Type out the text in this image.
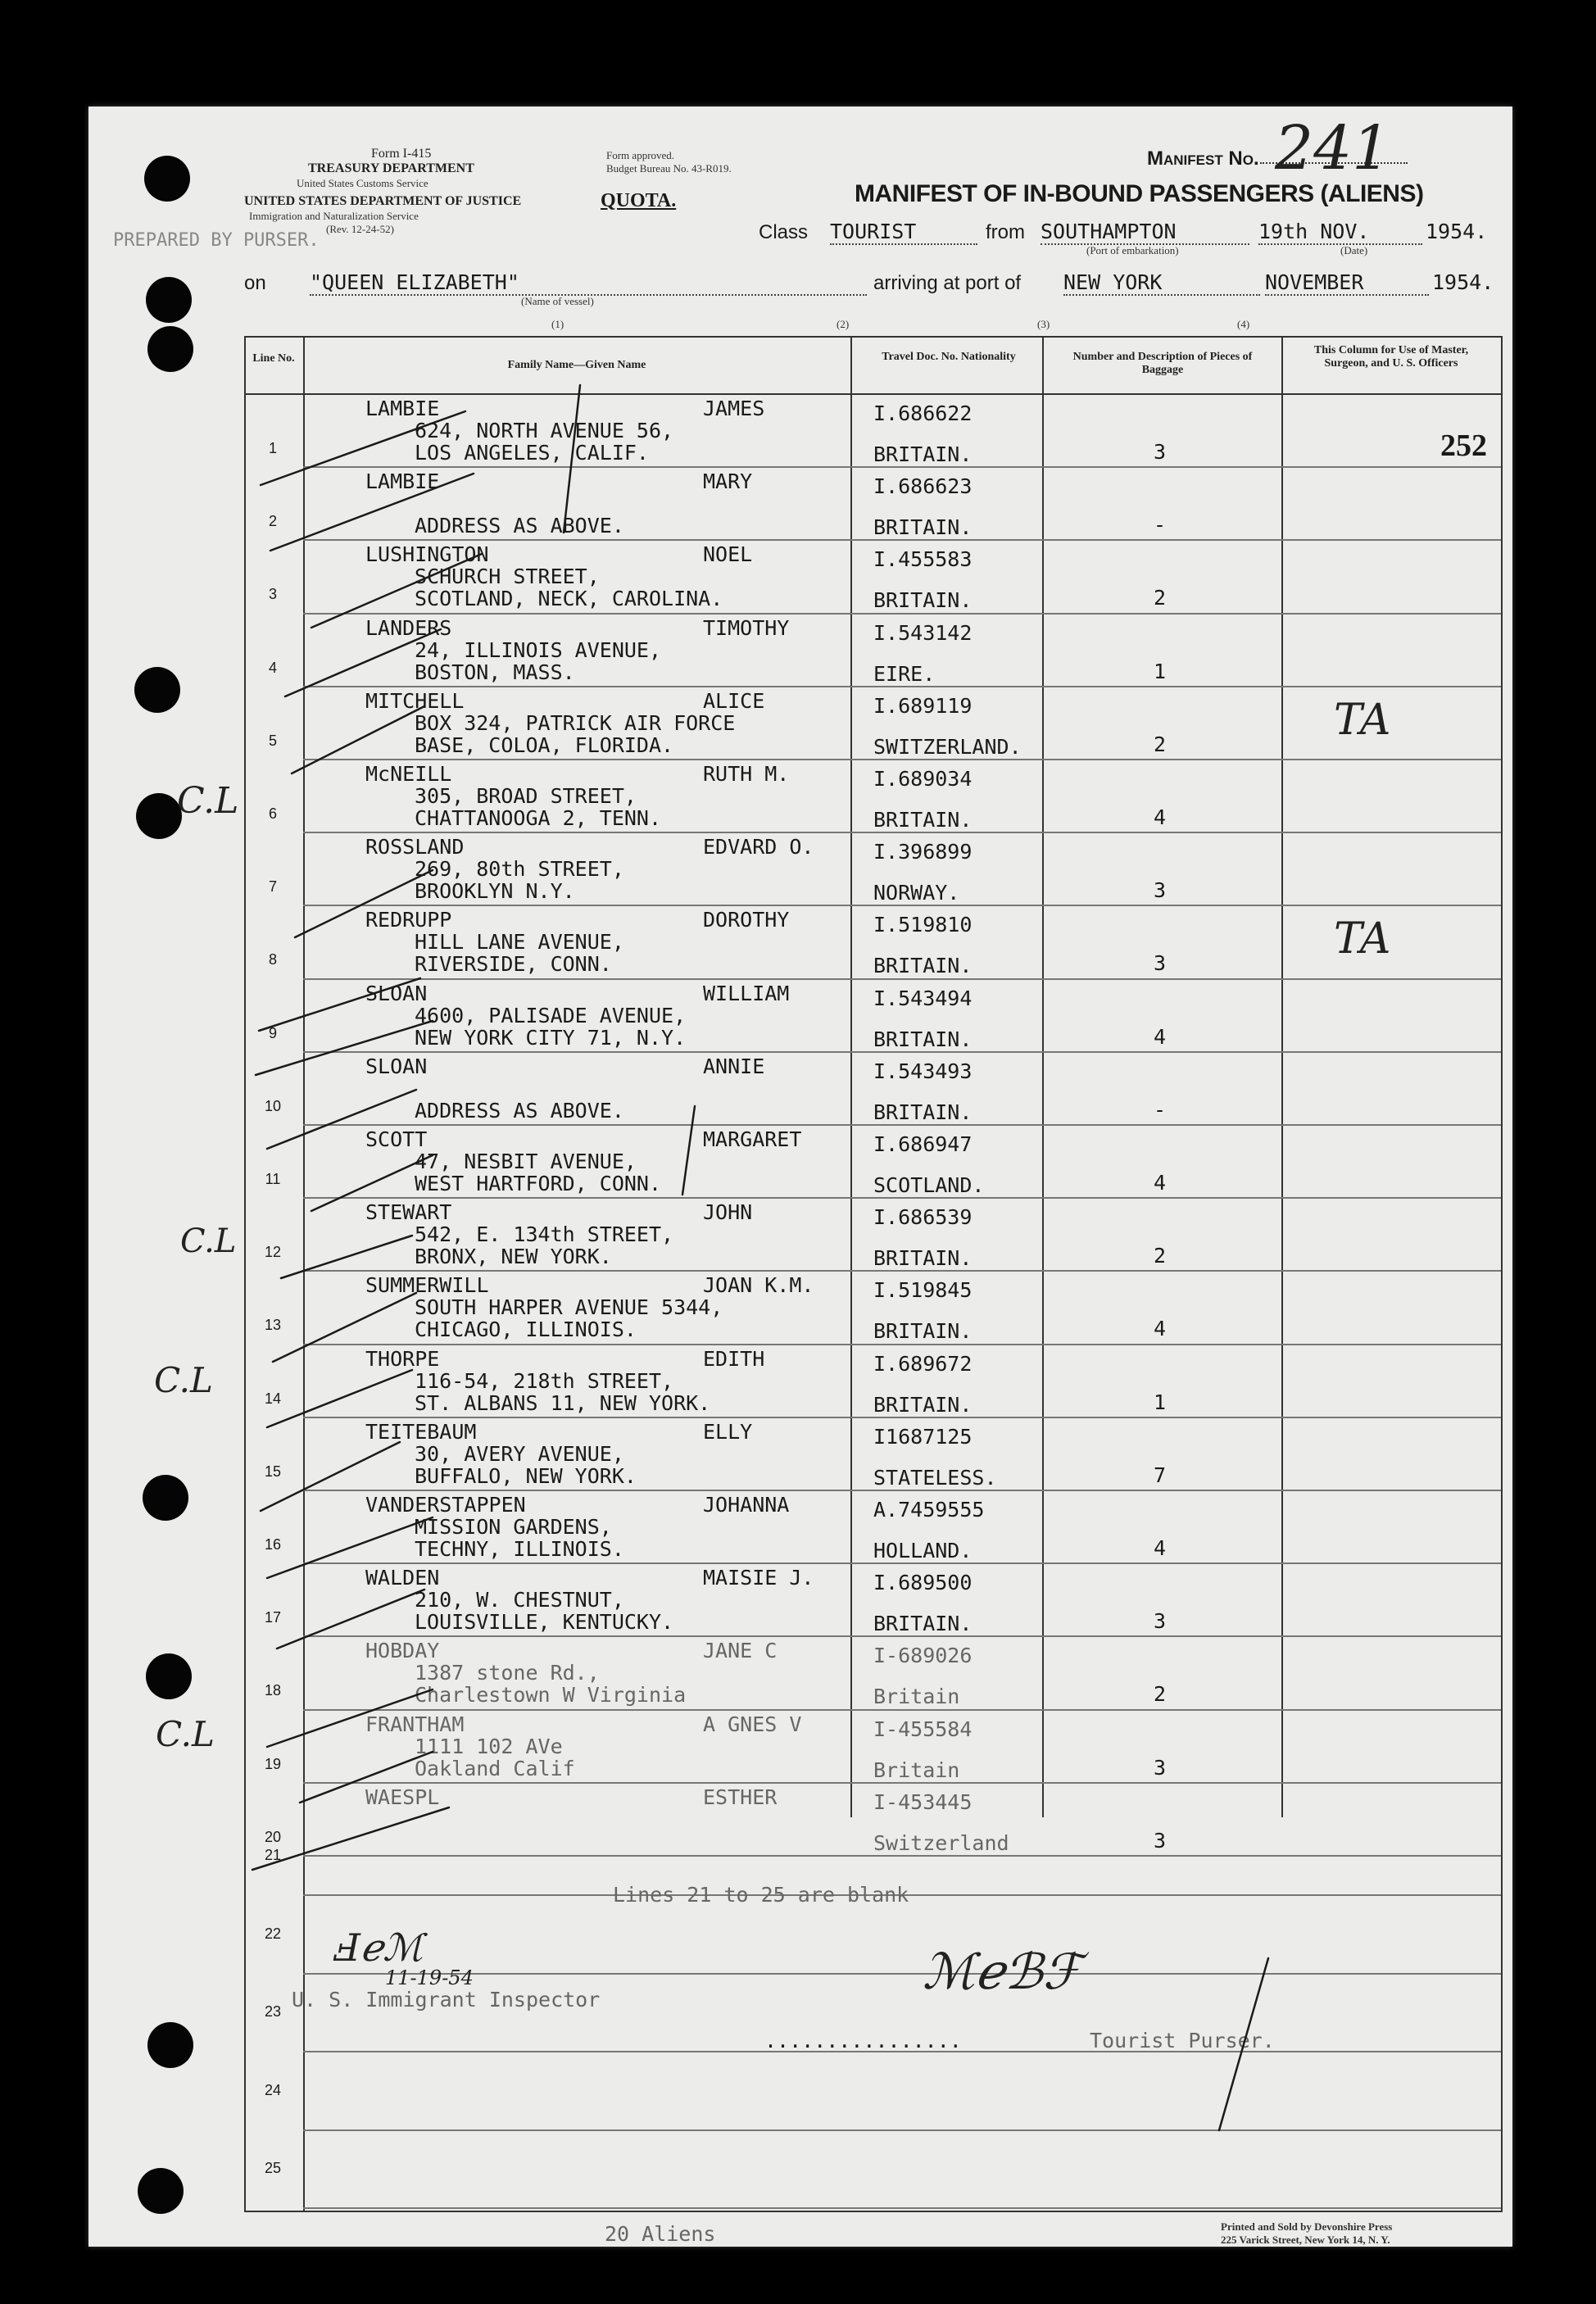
Form I-415
TREASURY DEPARTMENT
United States Customs Service
UNITED STATES DEPARTMENT OF JUSTICE
Immigration and Naturalization Service
(Rev. 12-24-52)
Form approved.
Budget Bureau No. 43-R019.
QUOTA.
Manifest No. 241
MANIFEST OF IN-BOUND PASSENGERS (ALIENS)
PREPARED BY PURSER.	Class TOURIST	from SOUTHAMPTON
(Port of embarkation)
19th NOV.
(Date)
1954.
on "QUEEN ELIZABETH"
(Name of vessel)
arriving at port of NEW YORK	NOVEMBER	1954.
(1)	(2)	(3)	(4)
Line No.
Family Name—Given Name
Travel Doc. No. Nationality	Number and Description of Pieces of Baggage
This Column for Use of Master, Surgeon, and U. S. Officers
1
LAMBIE	JAMES
624, NORTH AVENUE 56,
LOS ANGELES, CALIF.
I.686622
BRITAIN.	3	252
2
LAMBIE	MARY
ADDRESS AS ABOVE.
I.686623
BRITAIN.	-
3
LUSHINGTON	NOEL
SCHURCH STREET,
SCOTLAND, NECK, CAROLINA.
I.455583
BRITAIN.	2
4
LANDERS	TIMOTHY
24, ILLINOIS AVENUE,
BOSTON, MASS.
I.543142
EIRE.	1
5
MITCHELL	ALICE
BOX 324, PATRICK AIR FORCE
BASE, COLOA, FLORIDA.
I.689119
SWITZERLAND.	2	TA
6
McNEILL	RUTH M.
305, BROAD STREET,
CHATTANOOGA 2, TENN.
I.689034
BRITAIN.	4
7
ROSSLAND	EDVARD O.
269, 80th STREET,
BROOKLYN N.Y.
I.396899
NORWAY.	3
8
REDRUPP	DOROTHY
HILL LANE AVENUE,
RIVERSIDE, CONN.
I.519810
BRITAIN.	3	TA
9
SLOAN	WILLIAM
4600, PALISADE AVENUE,
NEW YORK CITY 71, N.Y.
I.543494
BRITAIN.	4
10
SLOAN	ANNIE
ADDRESS AS ABOVE.
I.543493
BRITAIN.	-
11
SCOTT	MARGARET
47, NESBIT AVENUE,
WEST HARTFORD, CONN.
I.686947
SCOTLAND.	4
12
STEWART	JOHN
542, E. 134th STREET,
BRONX, NEW YORK.
I.686539
BRITAIN.	2
13
SUMMERWILL	JOAN K.M.
SOUTH HARPER AVENUE 5344,
CHICAGO, ILLINOIS.
I.519845
BRITAIN.	4
14
THORPE	EDITH
116-54, 218th STREET,
ST. ALBANS 11, NEW YORK.
I.689672
BRITAIN.	1
15
TEITEBAUM	ELLY
30, AVERY AVENUE,
BUFFALO, NEW YORK.
I1687125
STATELESS.	7
16
VANDERSTAPPEN	JOHANNA
MISSION GARDENS,
TECHNY, ILLINOIS.
A.7459555
HOLLAND.	4
17
WALDEN	MAISIE J.
210, W. CHESTNUT,
LOUISVILLE, KENTUCKY.
I.689500
BRITAIN.	3
18
HOBDAY	JANE C
1387 stone Rd.,
Charlestown W Virginia
I-689026
Britain	2
19
FRANTHAM	A GNES V
1111 102 AVe
Oakland Calif
I-455584
Britain	3
20
WAESPL	ESTHER	I-453445
Switzerland	3
21
22
23
24
25
Lines 21 to 25 are blank
U. S. Immigrant Inspector
Ⅎℯℳ
11-19-54
................	Tourist Purser.
ℳℯℬℱ
20 Aliens	Printed and Sold by Devonshire Press
225 Varick Street, New York 14, N. Y.
C.L
C.L
C.L
C.L
